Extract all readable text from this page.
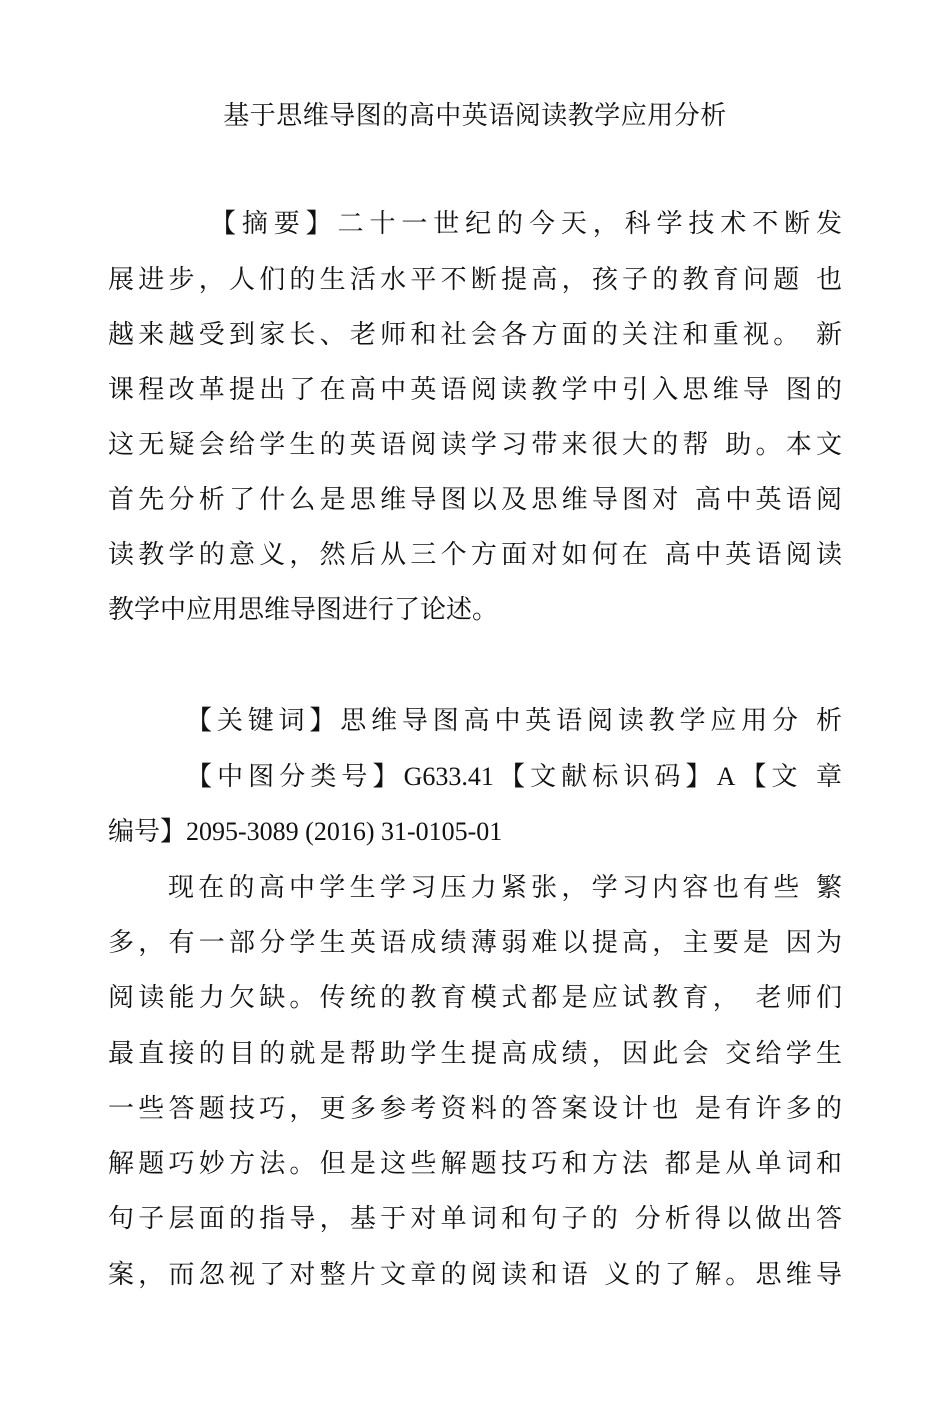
基于思维导图的高中英语阅读教学应用分析
【摘要】二十一世纪的今天，科学技术不断发
展进步，人们的生活水平不断提高，孩子的教育问题 也
越来越受到家长、老师和社会各方面的关注和重视。 新
课程改革提出了在高中英语阅读教学中引入思维导 图的
这无疑会给学生的英语阅读学习带来很大的帮 助。本文
首先分析了什么是思维导图以及思维导图对 高中英语阅
读教学的意义，然后从三个方面对如何在 高中英语阅读
教学中应用思维导图进行了论述。
【关键词】思维导图高中英语阅读教学应用分 析
【中图分类号】G633.41【文献标识码】A【文 章
编号】2095-3089 (2016) 31-0105-01
现在的高中学生学习压力紧张，学习内容也有些 繁
多，有一部分学生英语成绩薄弱难以提高，主要是 因为
阅读能力欠缺。传统的教育模式都是应试教育， 老师们
最直接的目的就是帮助学生提高成绩，因此会 交给学生
一些答题技巧，更多参考资料的答案设计也 是有许多的
解题巧妙方法。但是这些解题技巧和方法 都是从单词和
句子层面的指导，基于对单词和句子的 分析得以做出答
案，而忽视了对整片文章的阅读和语 义的了解。思维导
